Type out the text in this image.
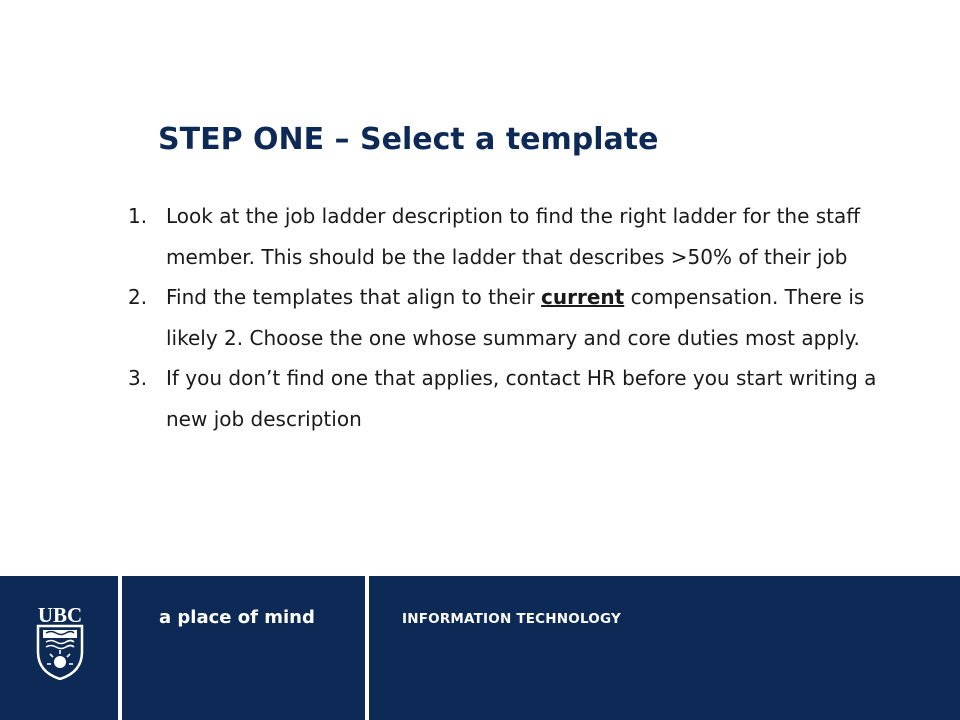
STEP ONE – Select a template
1. Look at the job ladder description to find the right ladder for the staff member. This should be the ladder that describes >50% of their job
2. Find the templates that align to their current compensation. There is likely 2. Choose the one whose summary and core duties most apply.
3. If you don’t find one that applies, contact HR before you start writing a new job description
UBC	a place of mind	INFORMATION TECHNOLOGY
